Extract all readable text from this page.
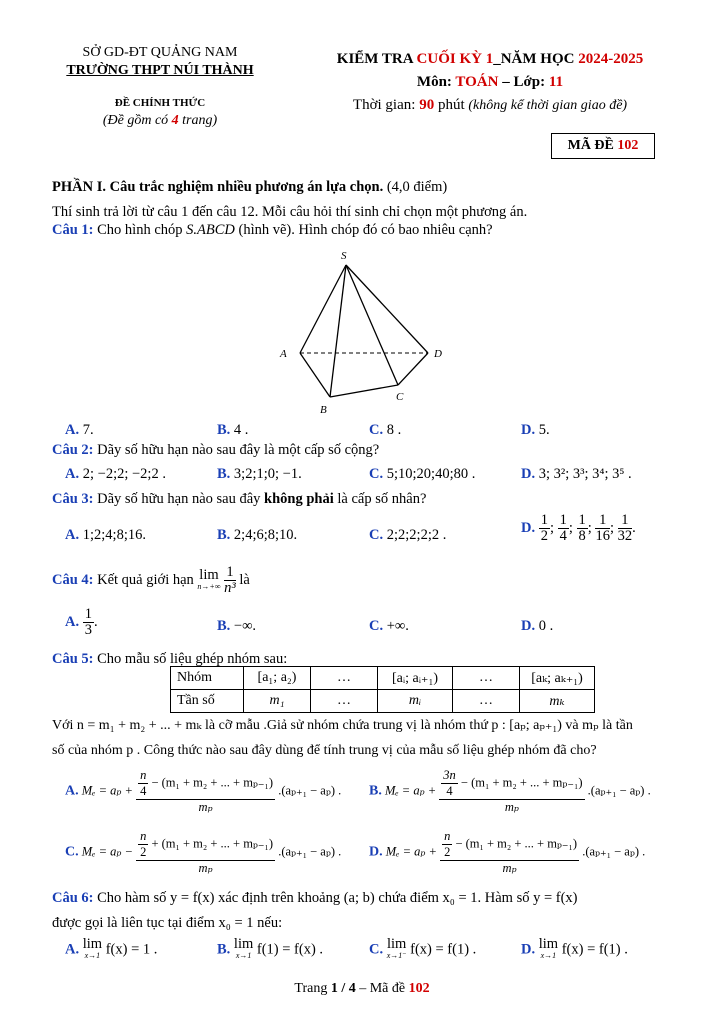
SỞ GD-ĐT QUẢNG NAM
TRƯỜNG THPT NÚI THÀNH
ĐỀ CHÍNH THỨC
(Đề gồm có 4 trang)
KIỂM TRA CUỐI KỲ 1_NĂM HỌC 2024-2025
Môn: TOÁN – Lớp: 11
Thời gian: 90 phút (không kể thời gian giao đề)
MÃ ĐỀ 102
PHẦN I. Câu trắc nghiệm nhiều phương án lựa chọn. (4,0 điểm)
Thí sinh trả lời từ câu 1 đến câu 12. Mỗi câu hỏi thí sinh chỉ chọn một phương án.
Câu 1: Cho hình chóp S.ABCD (hình vẽ). Hình chóp đó có bao nhiêu cạnh?
S
A
B
C
D
A. 7.	B. 4 .	C. 8 .	D. 5.
Câu 2: Dãy số hữu hạn nào sau đây là một cấp số cộng?
A. 2; −2;2; −2;2 .	B. 3;2;1;0; −1.	C. 5;10;20;40;80 .	D. 3; 3²; 3³; 3⁴; 3⁵ .
Câu 3: Dãy số hữu hạn nào sau đây không phải là cấp số nhân?
A. 1;2;4;8;16.	B. 2;4;6;8;10.	C. 2;2;2;2;2 .	D. $\frac{1}{2}$ ; $\frac{1}{4}$ ; $\frac{1}{8}$ ; $\frac{1}{16}$ ; $\frac{1}{32}$ .
Câu 4: Kết quả giới hạn lim
n→+∞
$\frac{1}{\text{n³}}$ là
A. $\frac{1}{3}$ .	B. −∞.	C. +∞.	D. 0 .
Câu 5: Cho mẫu số liệu ghép nhóm sau:
Nhóm	[a₁; a₂)	…	[aᵢ; aᵢ₊₁)	…	[aₖ; aₖ₊₁)
Tần số	m₁	…	mᵢ	…	mₖ
Với n = m₁ + m₂ + ... + mₖ là cỡ mẫu .Giả sử nhóm chứa trung vị là nhóm thứ p : [aₚ; aₚ₊₁) và mₚ là tần
số của nhóm p . Công thức nào sau đây dùng để tính trung vị của mẫu số liệu ghép nhóm đã cho?
A. $M_e = a_p + \frac{\frac{n}{4} - (m_1 + m_2 + ... + m_{p-1})}{\text{mₚ}} .(a_{p+1} - a_p)$ . B. $M_e = a_p + \frac{\frac{3n}{4} - (m_1 + m_2 + ... + m_{p-1})}{\text{mₚ}} .(a_{p+1} - a_p)$ .
C. $M_e = a_p - \frac{\frac{n}{2} + (m_1 + m_2 + ... + m_{p-1})}{\text{mₚ}} .(a_{p+1} - a_p)$ . D. $M_e = a_p + \frac{\frac{n}{2} - (m_1 + m_2 + ... + m_{p-1})}{\text{mₚ}} .(a_{p+1} - a_p)$ .
Câu 6: Cho hàm số y = f(x) xác định trên khoảng (a; b) chứa điểm x₀ = 1. Hàm số y = f(x)
được gọi là liên tục tại điểm x₀ = 1 nếu:
A. lim
x→1 f(x) = 1 .	B. lim
x→1 f(1) = f(x) .	C. lim
x→1⁻ f(x) = f(1) .	D. lim
x→1 f(x) = f(1) .
Trang 1 / 4 – Mã đề 102
